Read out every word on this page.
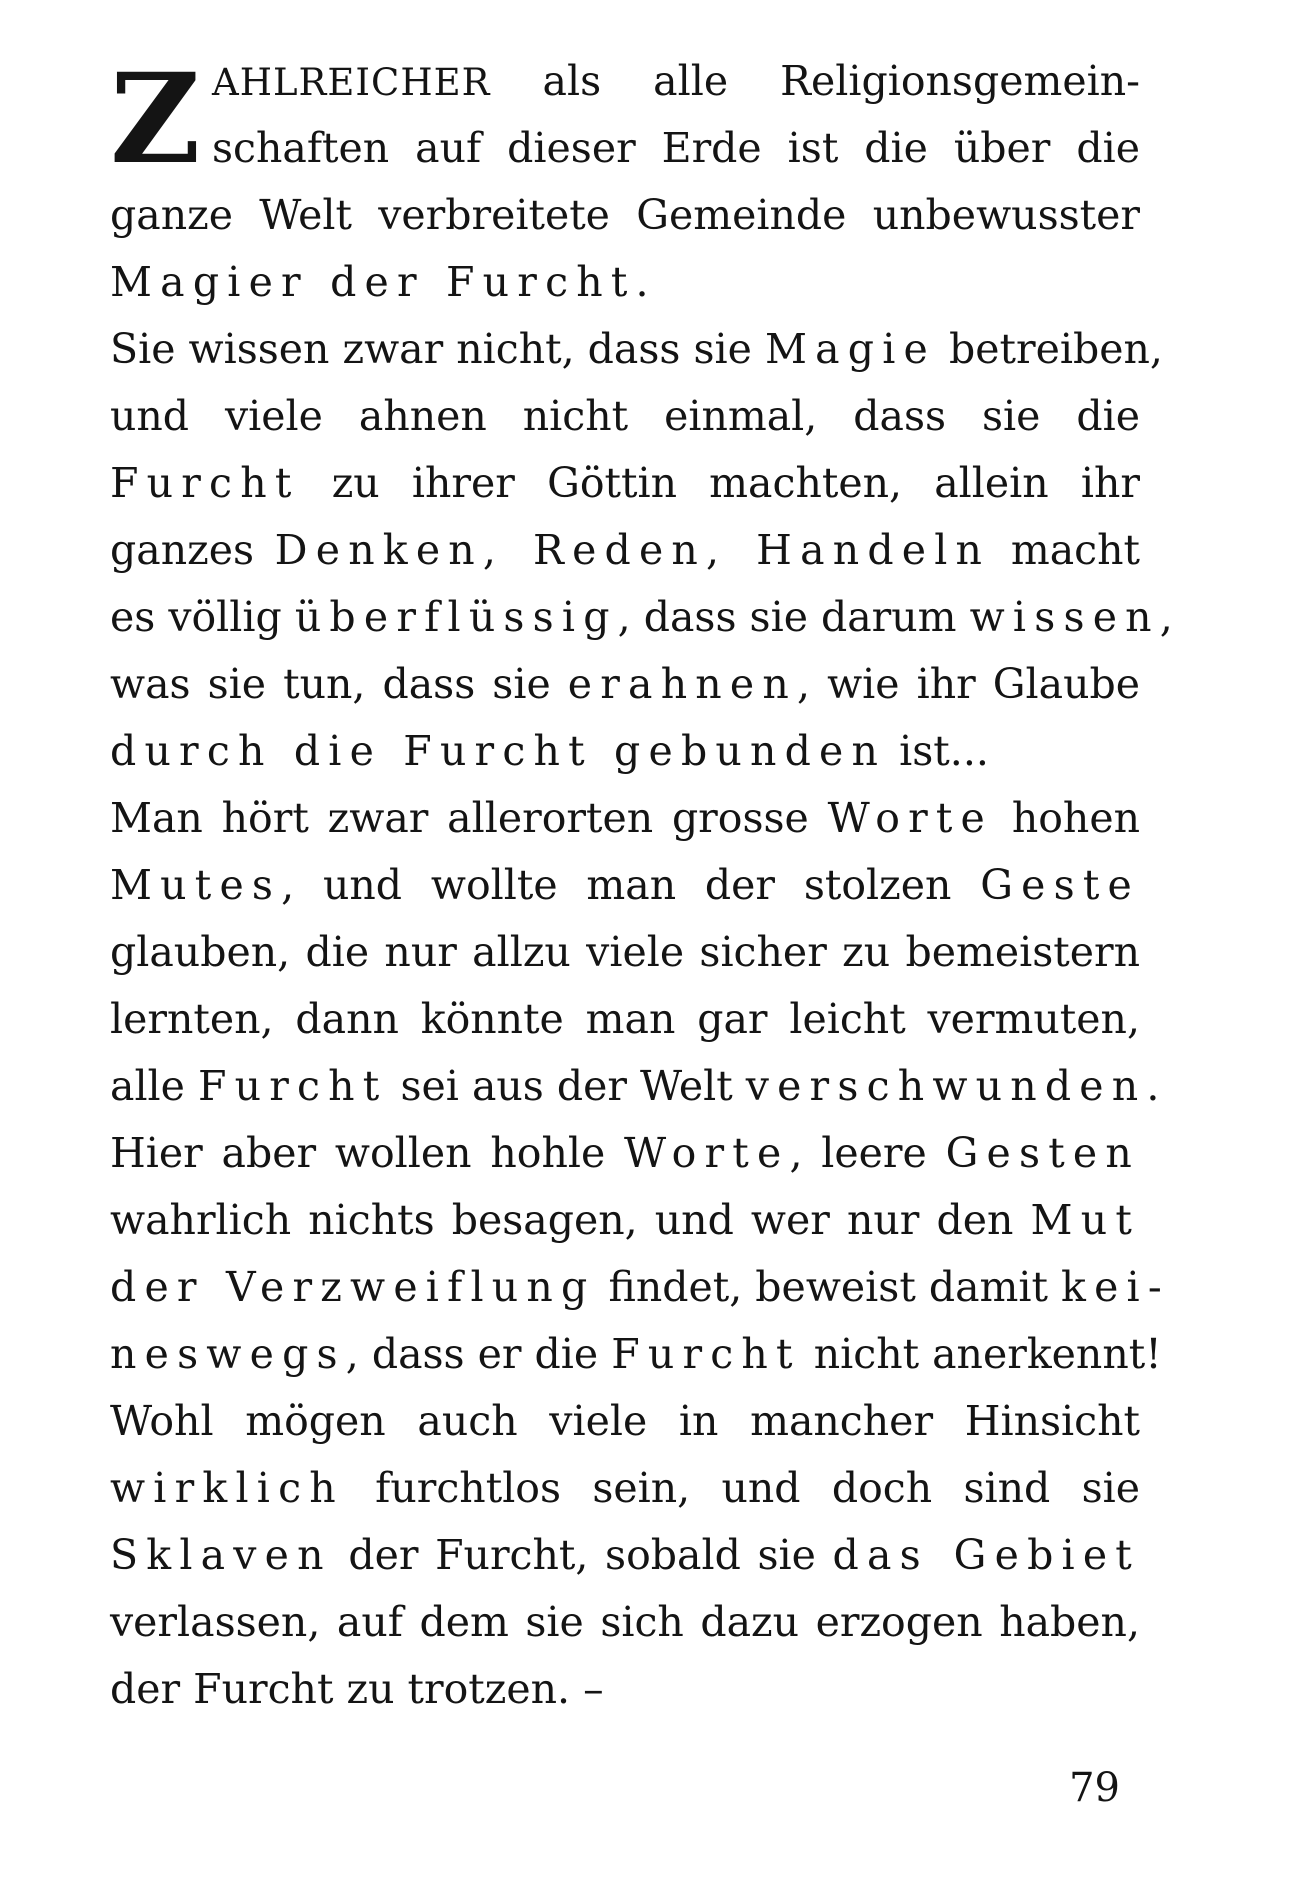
Z AHLREICHER als alle Religionsgemein-
schaften auf dieser Erde ist die über die
ganze Welt verbreitete Gemeinde unbewusster
Magier der Furcht.
Sie wissen zwar nicht, dass sie Magie betreiben,
und viele ahnen nicht einmal, dass sie die
Furcht zu ihrer Göttin machten, allein ihr
ganzes Denken, Reden, Handeln macht
es völlig überflüssig, dass sie darum wissen,
was sie tun, dass sie erahnen, wie ihr Glaube
durch die Furcht gebunden ist...
Man hört zwar allerorten grosse Worte hohen
Mutes, und wollte man der stolzen Geste
glauben, die nur allzu viele sicher zu bemeistern
lernten, dann könnte man gar leicht vermuten,
alle Furcht sei aus der Welt verschwunden.
Hier aber wollen hohle Worte, leere Gesten
wahrlich nichts besagen, und wer nur den Mut
der Verzweiflung findet, beweist damit kei-
neswegs, dass er die Furcht nicht anerkennt!
Wohl mögen auch viele in mancher Hinsicht
wirklich furchtlos sein, und doch sind sie
Sklaven der Furcht, sobald sie das Gebiet
verlassen, auf dem sie sich dazu erzogen haben,
der Furcht zu trotzen. –
79
